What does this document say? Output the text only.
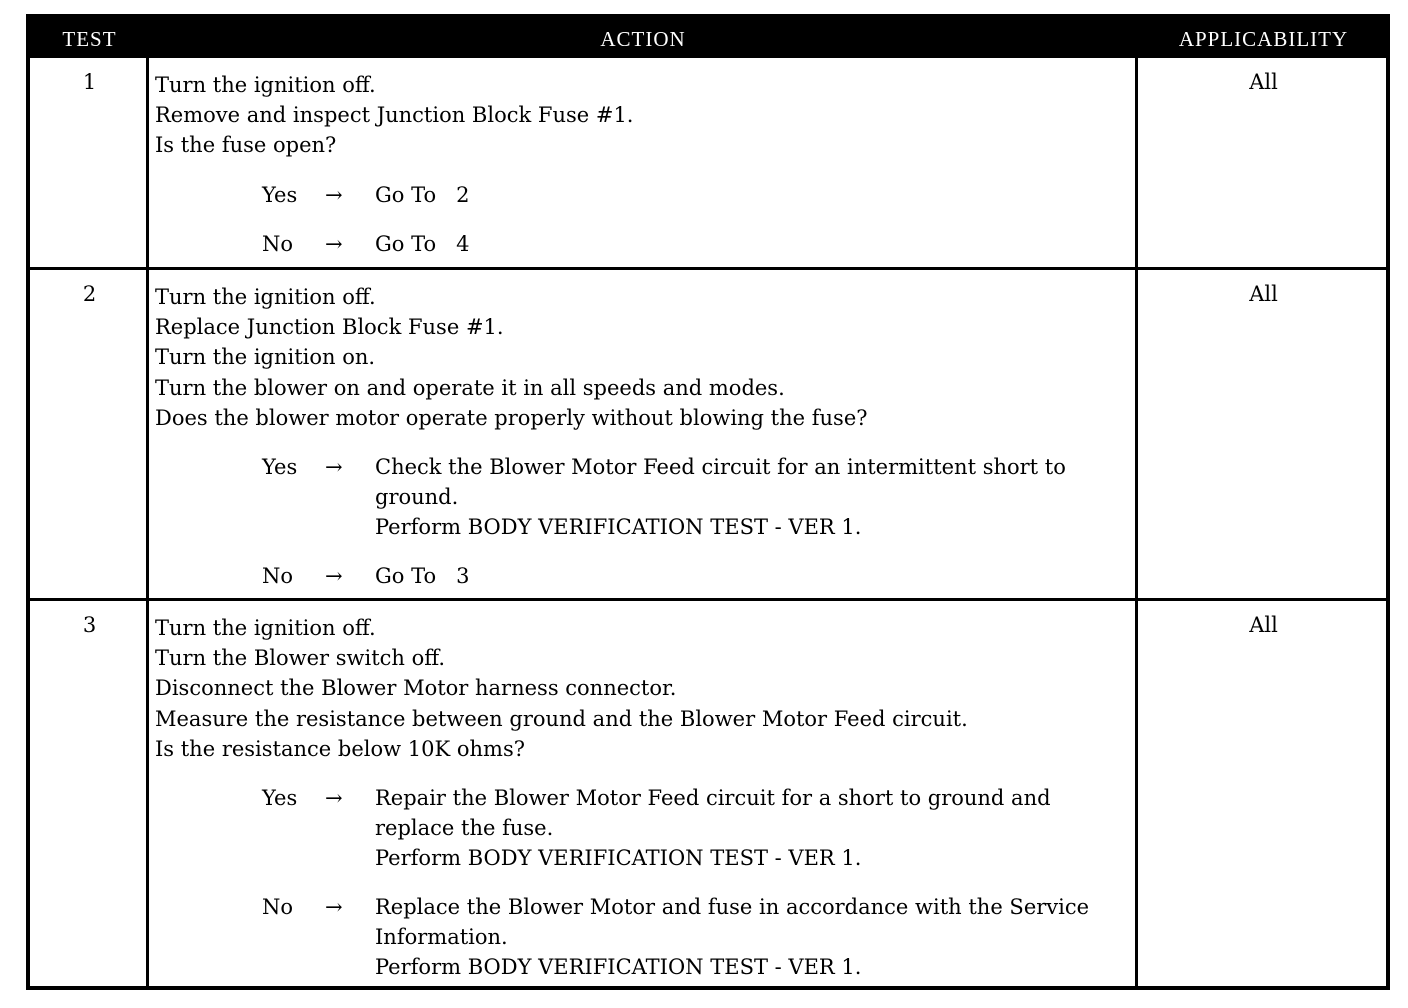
TEST	ACTION	APPLICABILITY
1	Turn the ignition off.
Remove and inspect Junction Block Fuse #1.
Is the fuse open?
Yes → Go To   2
No → Go To   4
All
2	Turn the ignition off.
Replace Junction Block Fuse #1.
Turn the ignition on.
Turn the blower on and operate it in all speeds and modes.
Does the blower motor operate properly without blowing the fuse?
Yes → Check the Blower Motor Feed circuit for an intermittent short to
ground.
Perform BODY VERIFICATION TEST - VER 1.
No → Go To   3
All
3	Turn the ignition off.
Turn the Blower switch off.
Disconnect the Blower Motor harness connector.
Measure the resistance between ground and the Blower Motor Feed circuit.
Is the resistance below 10K ohms?
Yes → Repair the Blower Motor Feed circuit for a short to ground and
replace the fuse.
Perform BODY VERIFICATION TEST - VER 1.
No → Replace the Blower Motor and fuse in accordance with the Service
Information.
Perform BODY VERIFICATION TEST - VER 1.
All
